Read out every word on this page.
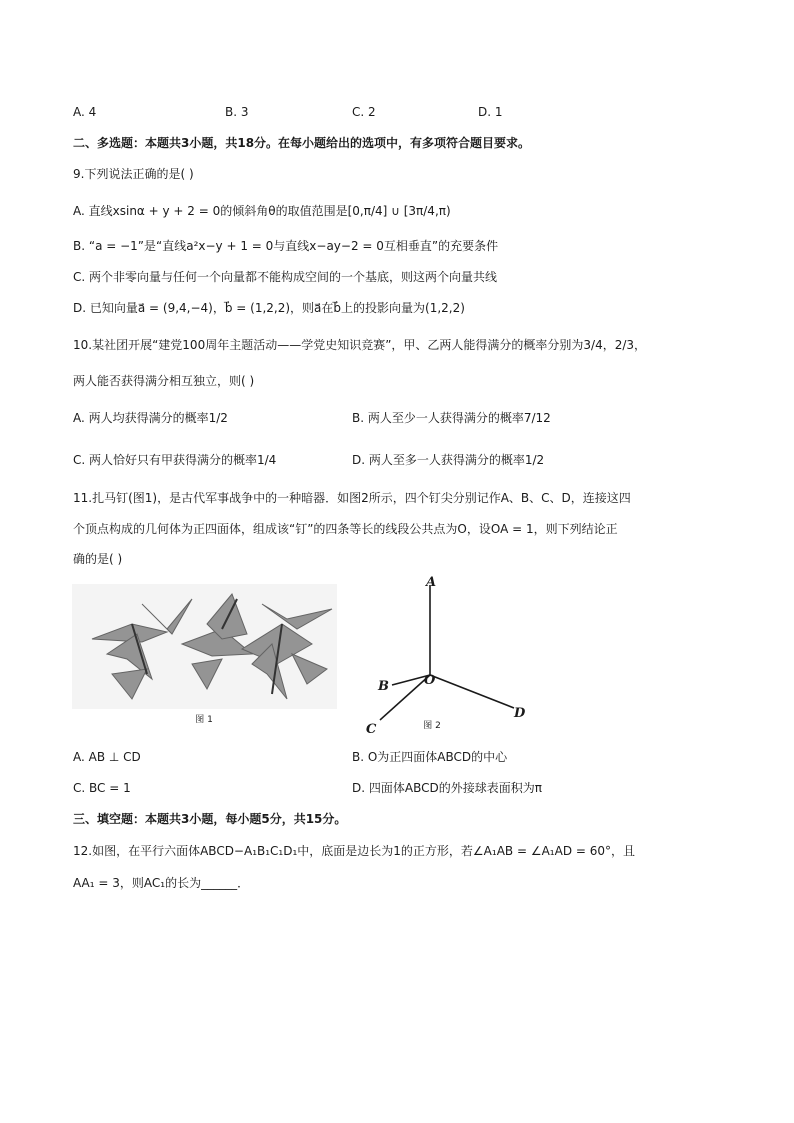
A. 4	B. 3	C. 2	D. 1
二、多选题：本题共3小题，共18分。在每小题给出的选项中，有多项符合题目要求。
9.下列说法正确的是( )
A. 直线xsinα + y + 2 = 0的倾斜角θ的取值范围是[0,π/4] ∪ [3π/4,π)
B. “a = −1”是“直线a²x−y + 1 = 0与直线x−ay−2 = 0互相垂直”的充要条件
C. 两个非零向量与任何一个向量都不能构成空间的一个基底，则这两个向量共线
D. 已知向量a⃗ = (9,4,−4)，b⃗ = (1,2,2)，则a⃗在b⃗上的投影向量为(1,2,2)
10.某社团开展“建党100周年主题活动——学党史知识竞赛”，甲、乙两人能得满分的概率分别为3/4，2/3，
两人能否获得满分相互独立，则( )
A. 两人均获得满分的概率1/2	B. 两人至少一人获得满分的概率7/12
C. 两人恰好只有甲获得满分的概率1/4	D. 两人至多一人获得满分的概率1/2
11.扎马钉(图1)，是古代军事战争中的一种暗器．如图2所示，四个钉尖分别记作A、B、C、D，连接这四
个顶点构成的几何体为正四面体，组成该“钉”的四条等长的线段公共点为O，设OA = 1，则下列结论正
确的是( )
图 1
A
B
C
D
O
图 2
A. AB ⊥ CD	B. O为正四面体ABCD的中心
C. BC = 1	D. 四面体ABCD的外接球表面积为π
三、填空题：本题共3小题，每小题5分，共15分。
12.如图，在平行六面体ABCD−A₁B₁C₁D₁中，底面是边长为1的正方形，若∠A₁AB = ∠A₁AD = 60°，且
AA₁ = 3，则AC₁的长为______．
